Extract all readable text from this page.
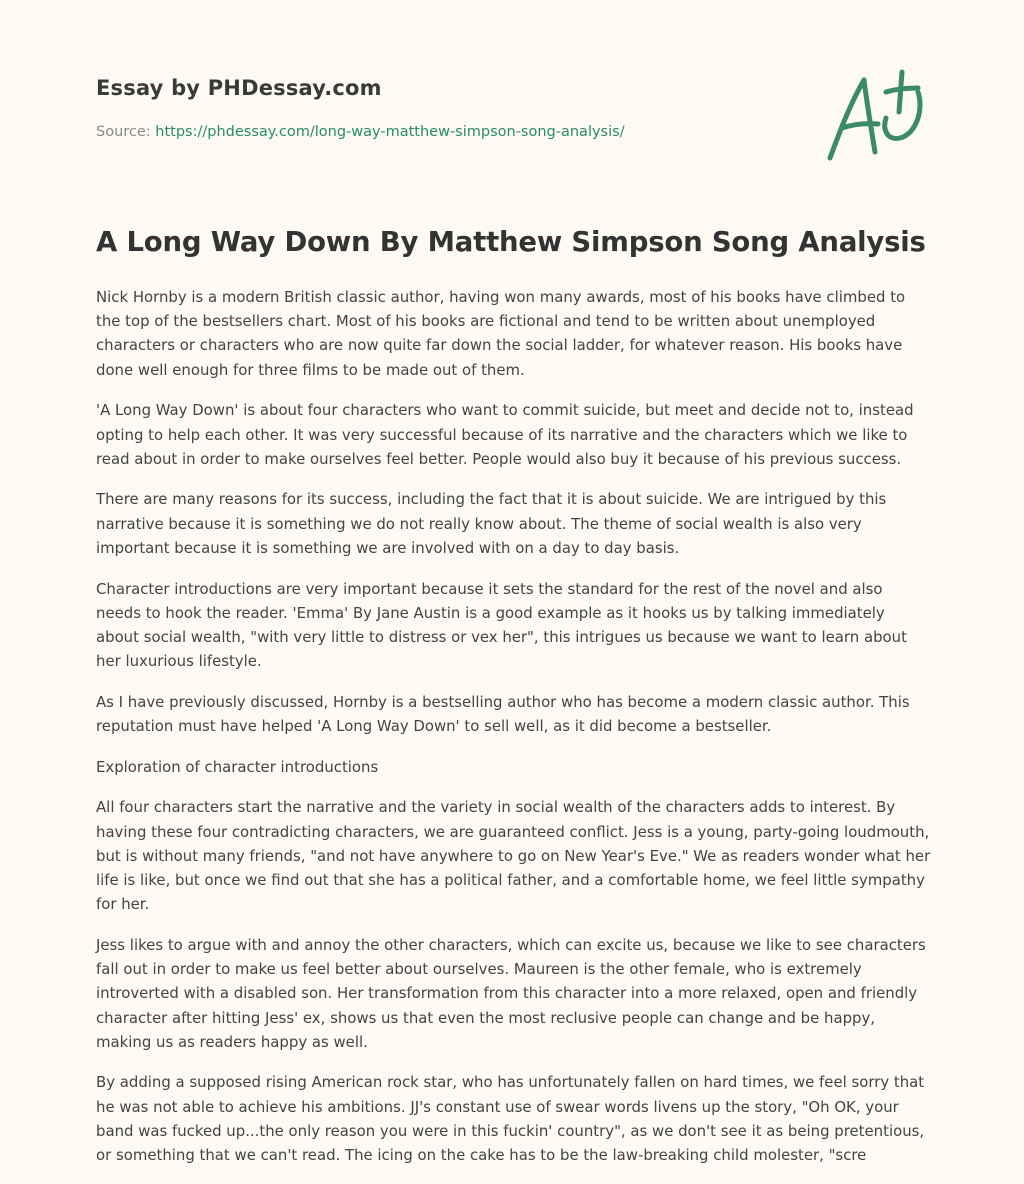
Essay by PHDessay.com
Source: https://phdessay.com/long-way-matthew-simpson-song-analysis/
A Long Way Down By Matthew Simpson Song Analysis

Nick Hornby is a modern British classic author, having won many awards, most of his books have climbed to the top of the bestsellers chart. Most of his books are fictional and tend to be written about unemployed characters or characters who are now quite far down the social ladder, for whatever reason. His books have done well enough for three films to be made out of them.

'A Long Way Down' is about four characters who want to commit suicide, but meet and decide not to, instead opting to help each other. It was very successful because of its narrative and the characters which we like to read about in order to make ourselves feel better. People would also buy it because of his previous success.

There are many reasons for its success, including the fact that it is about suicide. We are intrigued by this narrative because it is something we do not really know about. The theme of social wealth is also very important because it is something we are involved with on a day to day basis.

Character introductions are very important because it sets the standard for the rest of the novel and also needs to hook the reader. 'Emma' By Jane Austin is a good example as it hooks us by talking immediately about social wealth, "with very little to distress or vex her", this intrigues us because we want to learn about her luxurious lifestyle.

As I have previously discussed, Hornby is a bestselling author who has become a modern classic author. This reputation must have helped 'A Long Way Down' to sell well, as it did become a bestseller.

Exploration of character introductions

All four characters start the narrative and the variety in social wealth of the characters adds to interest. By having these four contradicting characters, we are guaranteed conflict. Jess is a young, party-going loudmouth, but is without many friends, "and not have anywhere to go on New Year's Eve." We as readers wonder what her life is like, but once we find out that she has a political father, and a comfortable home, we feel little sympathy for her.

Jess likes to argue with and annoy the other characters, which can excite us, because we like to see characters fall out in order to make us feel better about ourselves. Maureen is the other female, who is extremely introverted with a disabled son. Her transformation from this character into a more relaxed, open and friendly character after hitting Jess' ex, shows us that even the most reclusive people can change and be happy, making us as readers happy as well.

By adding a supposed rising American rock star, who has unfortunately fallen on hard times, we feel sorry that he was not able to achieve his ambitions. JJ's constant use of swear words livens up the story, "Oh OK, your band was fucked up...the only reason you were in this fuckin' country", as we don't see it as being pretentious, or something that we can't read. The icing on the cake has to be the law-breaking child molester, "scre
